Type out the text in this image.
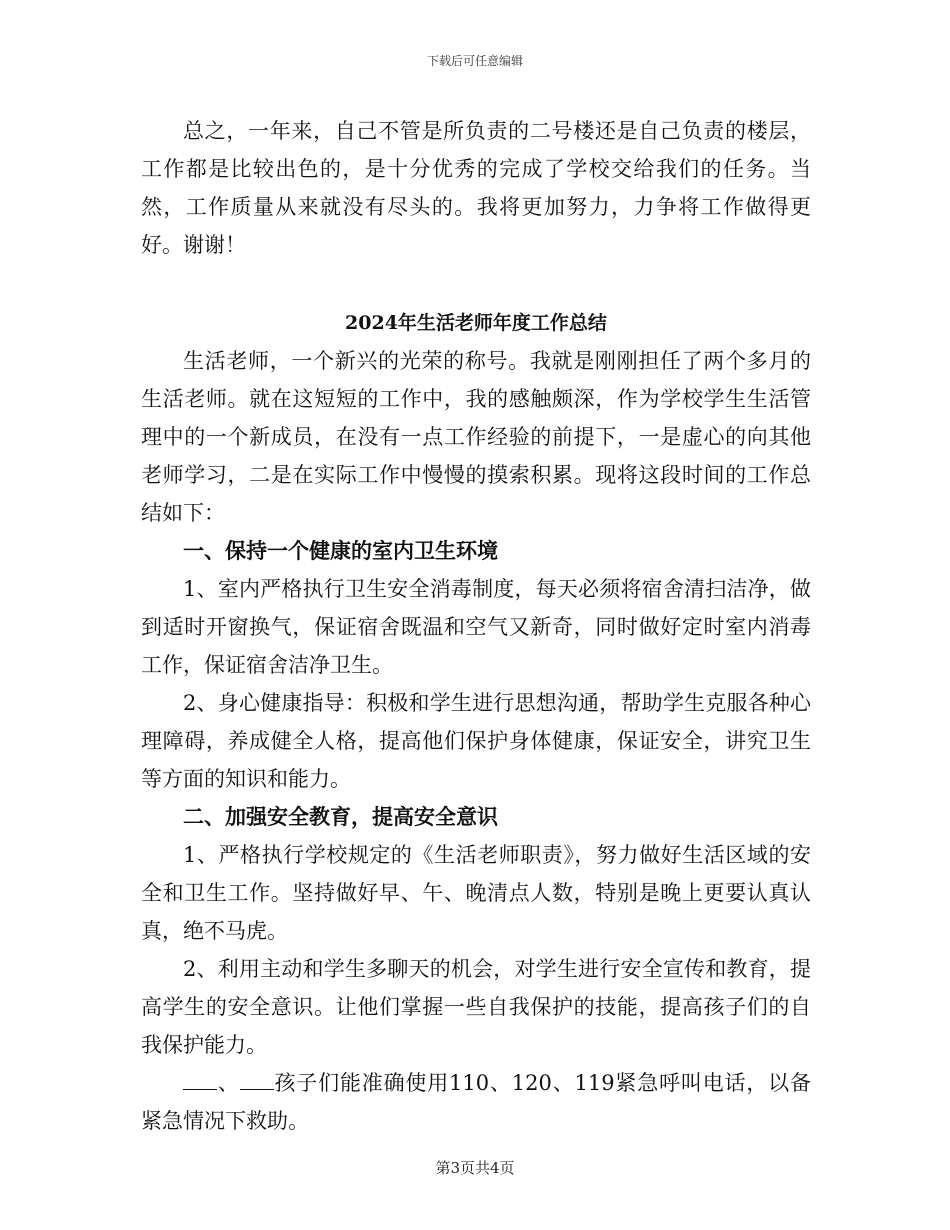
下载后可任意编辑

总之，一年来，自己不管是所负责的二号楼还是自己负责的楼层，工作都是比较出色的，是十分优秀的完成了学校交给我们的任务。当然，工作质量从来就没有尽头的。我将更加努力，力争将工作做得更好。谢谢！

2024年生活老师年度工作总结

生活老师，一个新兴的光荣的称号。我就是刚刚担任了两个多月的生活老师。就在这短短的工作中，我的感触颇深，作为学校学生生活管理中的一个新成员，在没有一点工作经验的前提下，一是虚心的向其他老师学习，二是在实际工作中慢慢的摸索积累。现将这段时间的工作总结如下：

一、保持一个健康的室内卫生环境

1、室内严格执行卫生安全消毒制度，每天必须将宿舍清扫洁净，做到适时开窗换气，保证宿舍既温和空气又新奇，同时做好定时室内消毒工作，保证宿舍洁净卫生。

2、身心健康指导：积极和学生进行思想沟通，帮助学生克服各种心理障碍，养成健全人格，提高他们保护身体健康，保证安全，讲究卫生等方面的知识和能力。

二、加强安全教育，提高安全意识

1、严格执行学校规定的《生活老师职责》，努力做好生活区域的安全和卫生工作。坚持做好早、午、晚清点人数，特别是晚上更要认真认真，绝不马虎。

2、利用主动和学生多聊天的机会，对学生进行安全宣传和教育，提高学生的安全意识。让他们掌握一些自我保护的技能，提高孩子们的自我保护能力。

、 孩子们能准确使用110、120、119紧急呼叫电话，以备紧急情况下救助。

第3页共4页
